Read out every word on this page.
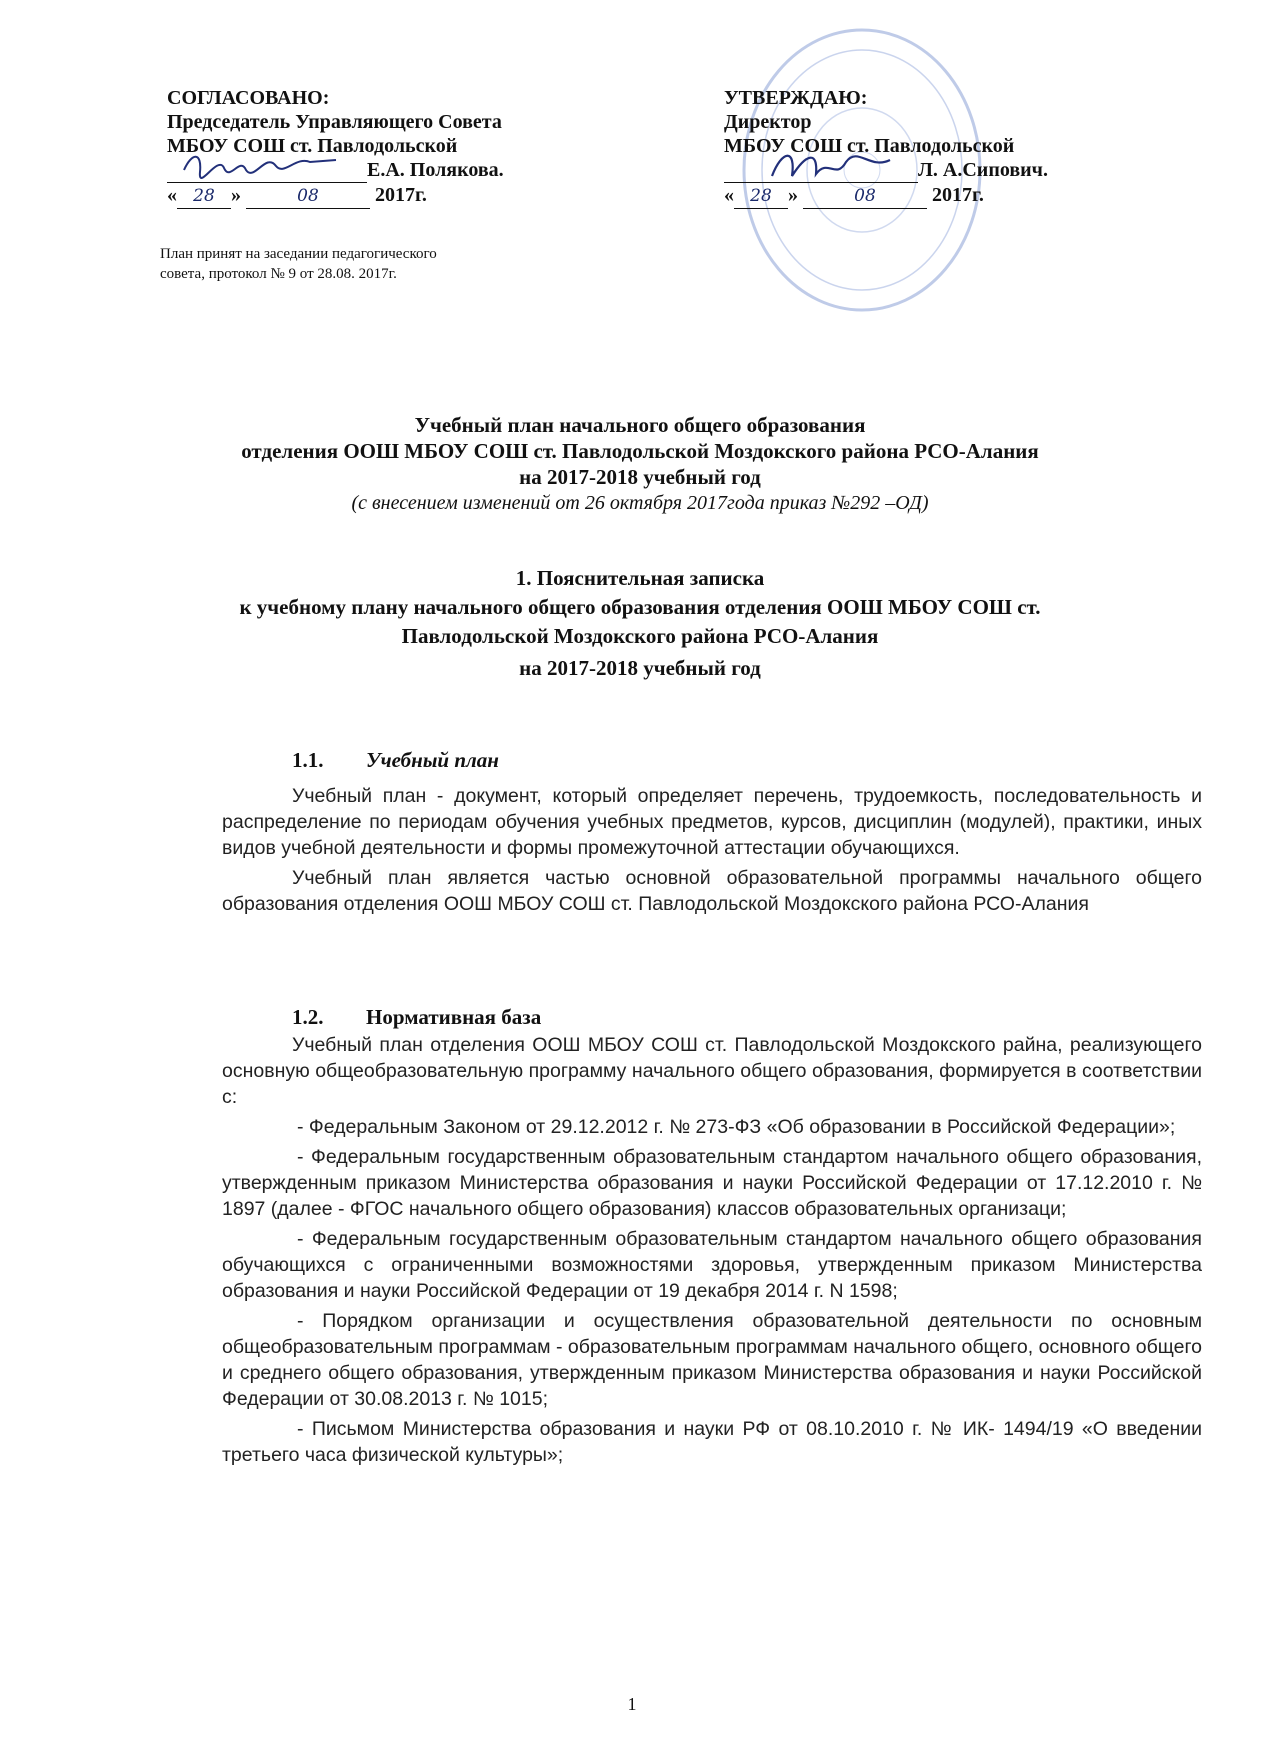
СОГЛАСОВАНО:
Председатель Управляющего Совета
МБОУ СОШ ст. Павлодольской
Е.А. Полякова.
« 28 »	08	2017г.
План принят на заседании педагогического
совета, протокол № 9 от 28.08. 2017г.
УТВЕРЖДАЮ:
Директор
МБОУ СОШ ст. Павлодольской
Л. А.Сипович.
« 28 »	08	2017г.
Учебный план начального общего образования
отделения ООШ МБОУ СОШ ст. Павлодольской Моздокского района РСО-Алания
на 2017-2018 учебный год
(с внесением изменений от 26 октября 2017года приказ №292 –ОД)
1. Пояснительная записка
к учебному плану начального общего образования отделения ООШ МБОУ СОШ ст.
Павлодольской Моздокского района РСО-Алания
на 2017-2018 учебный год
1.1. Учебный план

Учебный план - документ, который определяет перечень, трудоемкость, последовательность и распределение по периодам обучения учебных предметов, курсов, дисциплин (модулей), практики, иных видов учебной деятельности и формы промежуточной аттестации обучающихся.

Учебный план является частью основной образовательной программы начального общего образования отделения ООШ МБОУ СОШ ст. Павлодольской Моздокского района РСО-Алания

1.2. Нормативная база

Учебный план отделения ООШ МБОУ СОШ ст. Павлодольской Моздокского райна, реализующего основную общеобразовательную программу начального общего образования, формируется в соответствии с:

- Федеральным Законом от 29.12.2012 г. № 273-ФЗ «Об образовании в Российской Федерации»;

- Федеральным государственным образовательным стандартом начального общего образования, утвержденным приказом Министерства образования и науки Российской Федерации от 17.12.2010 г. № 1897 (далее - ФГОС начального общего образования) классов образовательных организаци;

- Федеральным государственным образовательным стандартом начального общего образования обучающихся с ограниченными возможностями здоровья, утвержденным приказом Министерства образования и науки Российской Федерации от 19 декабря 2014 г. N 1598;

- Порядком организации и осуществления образовательной деятельности по основным общеобразовательным программам - образовательным программам начального общего, основного общего и среднего общего образования, утвержденным приказом Министерства образования и науки Российской Федерации от 30.08.2013 г. № 1015;

- Письмом Министерства образования и науки РФ от 08.10.2010 г. № ИК- 1494/19 «О введении третьего часа физической культуры»;

1
